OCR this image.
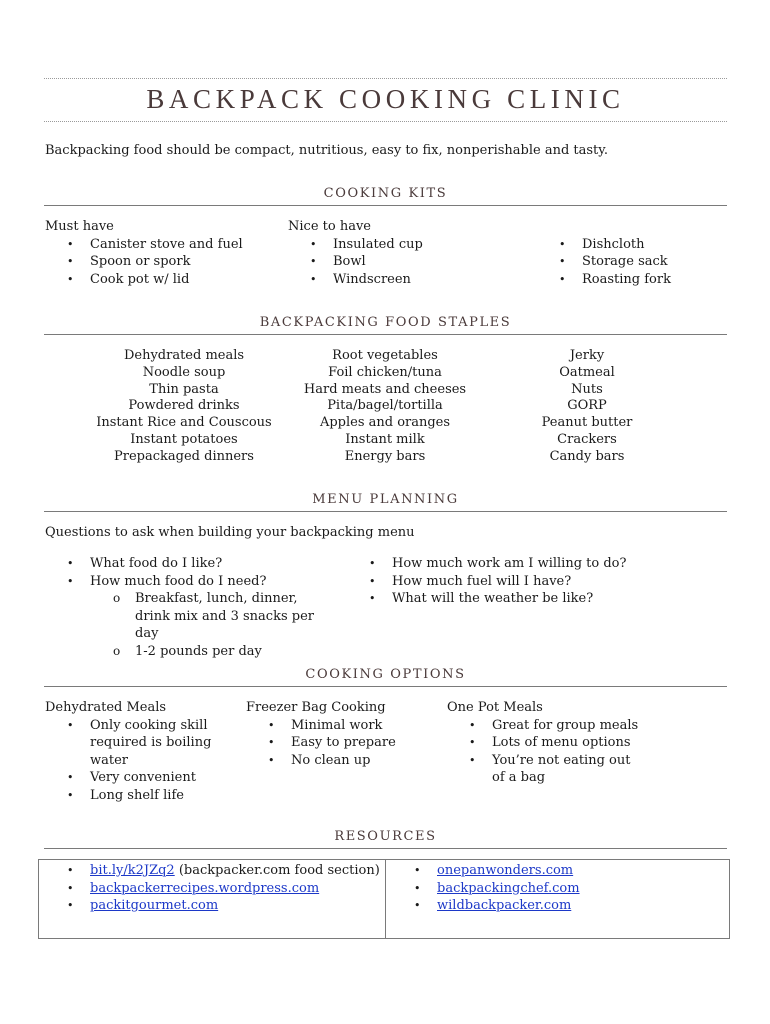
BACKPACK COOKING CLINIC
Backpacking food should be compact, nutritious, easy to fix, nonperishable and tasty.
COOKING KITS
Must have
• Canister stove and fuel
• Spoon or spork
• Cook pot w/ lid
Nice to have
• Insulated cup
• Bowl
• Windscreen
• Dishcloth
• Storage sack
• Roasting fork
BACKPACKING FOOD STAPLES
Dehydrated meals
Noodle soup
Thin pasta
Powdered drinks
Instant Rice and Couscous
Instant potatoes
Prepackaged dinners
Root vegetables
Foil chicken/tuna
Hard meats and cheeses
Pita/bagel/tortilla
Apples and oranges
Instant milk
Energy bars
Jerky
Oatmeal
Nuts
GORP
Peanut butter
Crackers
Candy bars
MENU PLANNING
Questions to ask when building your backpacking menu
• What food do I like?
• How much food do I need?
o Breakfast, lunch, dinner, drink mix and 3 snacks per day
o 1-2 pounds per day
• How much work am I willing to do?
• How much fuel will I have?
• What will the weather be like?
COOKING OPTIONS
Dehydrated Meals
• Only cooking skill required is boiling water
• Very convenient
• Long shelf life
Freezer Bag Cooking
• Minimal work
• Easy to prepare
• No clean up
One Pot Meals
• Great for group meals
• Lots of menu options
• You’re not eating out of a bag
RESOURCES
• bit.ly/k2JZq2 (backpacker.com food section)
• backpackerrecipes.wordpress.com
• packitgourmet.com
• onepanwonders.com
• backpackingchef.com
• wildbackpacker.com
